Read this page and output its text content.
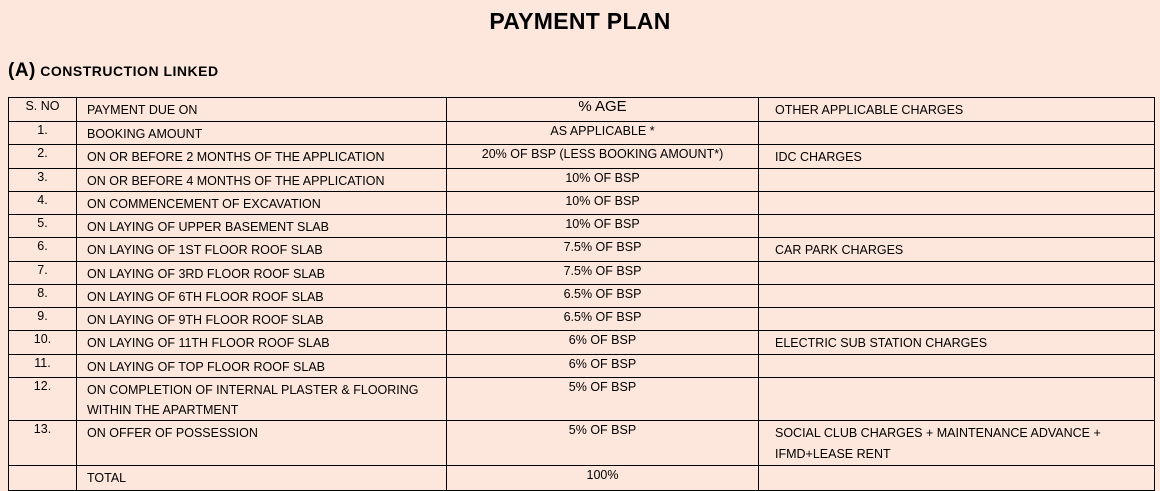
PAYMENT PLAN
(A) CONSTRUCTION LINKED
S. NO	PAYMENT DUE ON	% AGE	OTHER APPLICABLE CHARGES
1.	BOOKING AMOUNT	AS APPLICABLE *	
2.	ON OR BEFORE 2 MONTHS OF THE APPLICATION	20% OF BSP (LESS BOOKING AMOUNT*)	IDC CHARGES
3.	ON OR BEFORE 4 MONTHS OF THE APPLICATION	10% OF BSP	
4.	ON COMMENCEMENT OF EXCAVATION	10% OF BSP	
5.	ON LAYING OF UPPER BASEMENT SLAB	10% OF BSP	
6.	ON LAYING OF 1ST FLOOR ROOF SLAB	7.5% OF BSP	CAR PARK CHARGES
7.	ON LAYING OF 3RD FLOOR ROOF SLAB	7.5% OF BSP	
8.	ON LAYING OF 6TH FLOOR ROOF SLAB	6.5% OF BSP	
9.	ON LAYING OF 9TH FLOOR ROOF SLAB	6.5% OF BSP	
10.	ON LAYING OF 11TH FLOOR ROOF SLAB	6% OF BSP	ELECTRIC SUB STATION CHARGES
11.	ON LAYING OF TOP FLOOR ROOF SLAB	6% OF BSP	
12.	ON COMPLETION OF INTERNAL PLASTER & FLOORING
WITHIN THE APARTMENT	5% OF BSP	
13.	ON OFFER OF POSSESSION	5% OF BSP	SOCIAL CLUB CHARGES + MAINTENANCE ADVANCE +
IFMD+LEASE RENT
	TOTAL	100%	
